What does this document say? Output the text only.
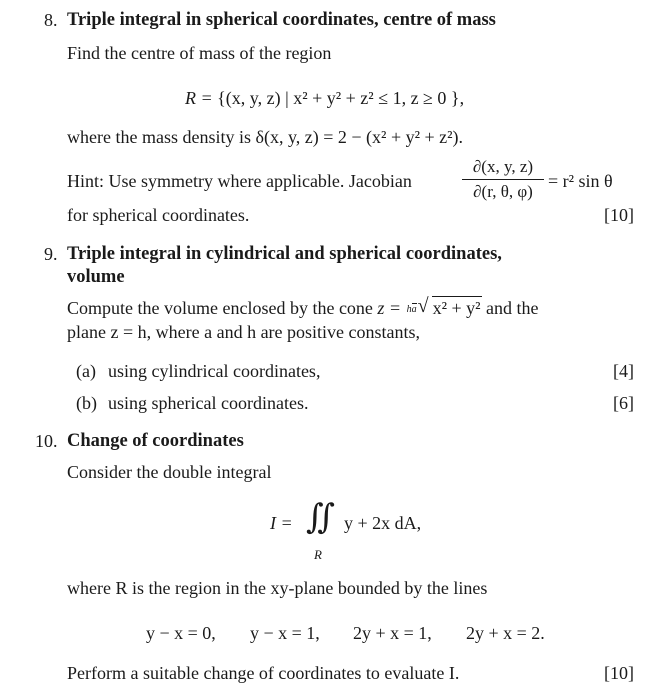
8. Triple integral in spherical coordinates, centre of mass
Find the centre of mass of the region
R = {(x, y, z) | x² + y² + z² ≤ 1, z ≥ 0 },
where the mass density is δ(x, y, z) = 2 − (x² + y² + z²).
Hint: Use symmetry where applicable. Jacobian
∂(x, y, z)
∂(r, θ, φ)
= r² sin θ
for spherical coordinates.	[10]
9. Triple integral in cylindrical and spherical coordinates,
volume
Compute the volume enclosed by the cone z = ha √ x² + y² and the
plane z = h, where a and h are positive constants,
(a) using cylindrical coordinates,	[4]
(b) using spherical coordinates.	[6]
10. Change of coordinates
Consider the double integral
I = ∬
R
y + 2x dA,
where R is the region in the xy-plane bounded by the lines
y − x = 0, y − x = 1, 2y + x = 1, 2y + x = 2.
Perform a suitable change of coordinates to evaluate I.	[10]
